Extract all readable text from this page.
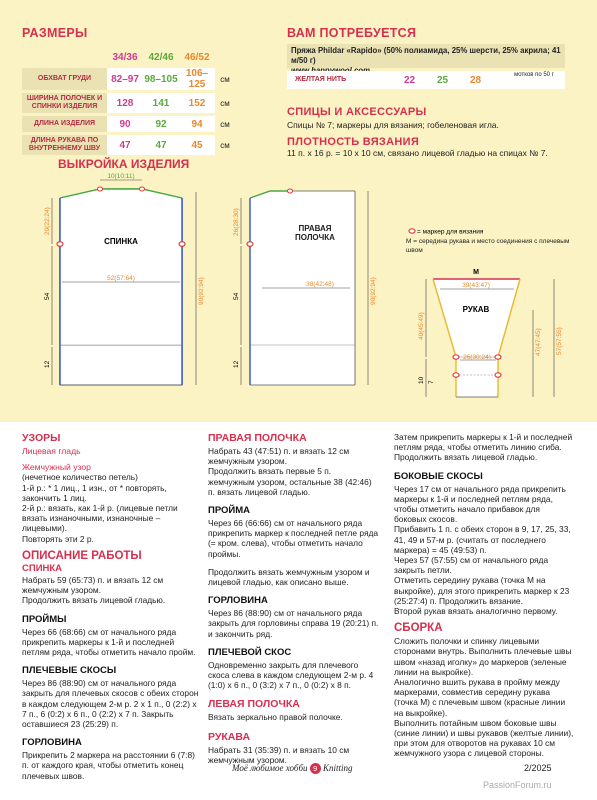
РАЗМЕРЫ
	34/36	42/46	46/52	
ОБХВАТ ГРУДИ	82–97	98–105	106–125	см
ШИРИНА ПОЛОЧЕК И СПИНКИ ИЗДЕЛИЯ	128	141	152	см
ДЛИНА ИЗДЕЛИЯ	90	92	94	см
ДЛИНА РУКАВА ПО ВНУТРЕННЕМУ ШВУ	47	47	45	см
ВАМ ПОТРЕБУЕТСЯ
Пряжа Phildar «Rapido» (50% полиамида, 25% шерсти, 25% акрила; 41 м/50 г)
ЖЕЛТАЯ НИТЬ	22 25 28	мотков по 50 г
СПИЦЫ И АКСЕССУАРЫ
Спицы № 7; маркеры для вязания; гобеленовая игла.
ПЛОТНОСТЬ ВЯЗАНИЯ
11 п. x 16 р. = 10 x 10 см, связано лицевой гладью на спицах № 7.
ВЫКРОЙКА ИЗДЕЛИЯ
СПИНКА
10(10:11)
52(57:64)
20(22:24)
54
12
90(92:94)
ПРАВАЯ ПОЛОЧКА
38(42:48)
26(28:30)
54
12
90(92:94)
= маркер для вязания
М = середина рукава и место соединения с плечевым швом
М
39(43:47)
РУКАВ
26(30:24)
40(45:49)
10 7
47(47:45) 57(57:55)
УЗОРЫ

Лицевая гладь

Жемчужный узор

(нечетное количество петель)

1-й р.: * 1 лиц., 1 изн., от * повторять, закончить 1 лиц.

2-й р.: вязать, как 1-й р. (лицевые петли вязать изнаночными, изнаночные – лицевыми).

Повторять эти 2 р.

ОПИСАНИЕ РАБОТЫ
СПИНКА

Набрать 59 (65:73) п. и вязать 12 см жемчужным узором.

Продолжить вязать лицевой гладью.

ПРОЙМЫ

Через 66 (68:66) см от начального ряда прикрепить маркеры к 1-й и последней петлям ряда, чтобы отметить начало пройм.

ПЛЕЧЕВЫЕ СКОСЫ

Через 86 (88:90) см от начального ряда закрыть для плечевых скосов с обеих сторон в каждом следующем 2-м р. 2 x 1 п., 0 (2:2) x 7 п., 6 (0:2) x 6 п., 0 (2:2) x 7 п. Закрыть оставшиеся 23 (25:29) п.

ГОРЛОВИНА

Прикрепить 2 маркера на расстоянии 6 (7:8) п. от каждого края, чтобы отметить конец плечевых швов.

ПРАВАЯ ПОЛОЧКА

Набрать 43 (47:51) п. и вязать 12 см жемчужным узором.

Продолжить вязать первые 5 п. жемчужным узором, остальные 38 (42:46) п. вязать лицевой гладью.

ПРОЙМА

Через 66 (66:66) см от начального ряда прикрепить маркер к последней петле ряда (= кром. слева), чтобы отметить начало проймы.

Продолжить вязать жемчужным узором и лицевой гладью, как описано выше.

ГОРЛОВИНА

Через 86 (88:90) см от начального ряда закрыть для горловины справа 19 (20:21) п. и закончить ряд.

ПЛЕЧЕВОЙ СКОС

Одновременно закрыть для плечевого скоса слева в каждом следующем 2-м р. 4 (1:0) x 6 п., 0 (3:2) x 7 п., 0 (0:2) x 8 п.

ЛЕВАЯ ПОЛОЧКА

Вязать зеркально правой полочке.

РУКАВА

Набрать 31 (35:39) п. и вязать 10 см жемчужным узором.

Затем прикрепить маркеры к 1-й и последней петлям ряда, чтобы отметить линию сгиба. Продолжить вязать лицевой гладью.

БОКОВЫЕ СКОСЫ

Через 17 см от начального ряда прикрепить маркеры к 1-й и последней петлям ряда, чтобы отметить начало прибавок для боковых скосов.

Прибавить 1 п. с обеих сторон в 9, 17, 25, 33, 41, 49 и 57-м р. (считать от последнего маркера) = 45 (49:53) п.

Через 57 (57:55) см от начального ряда закрыть петли.

Отметить середину рукава (точка М на выкройке), для этого прикрепить маркер к 23 (25:27:4) п. Продолжить вязание.

Второй рукав вязать аналогично первому.

СБОРКА

Сложить полочки и спинку лицевыми сторонами внутрь. Выполнить плечевые швы швом «назад иголку» до маркеров (зеленые линии на выкройке).

Аналогично вшить рукава в пройму между маркерами, совместив середину рукава (точка М) с плечевым швом (красные линии на выкройке).

Выполнить потайным швом боковые швы (синие линии) и швы рукавов (желтые линии), при этом для отворотов на рукавах 10 см жемчужного узора с лицевой стороны.

Моё любимое хобби 9 Knitting	2/2025
PassionForum.ru
